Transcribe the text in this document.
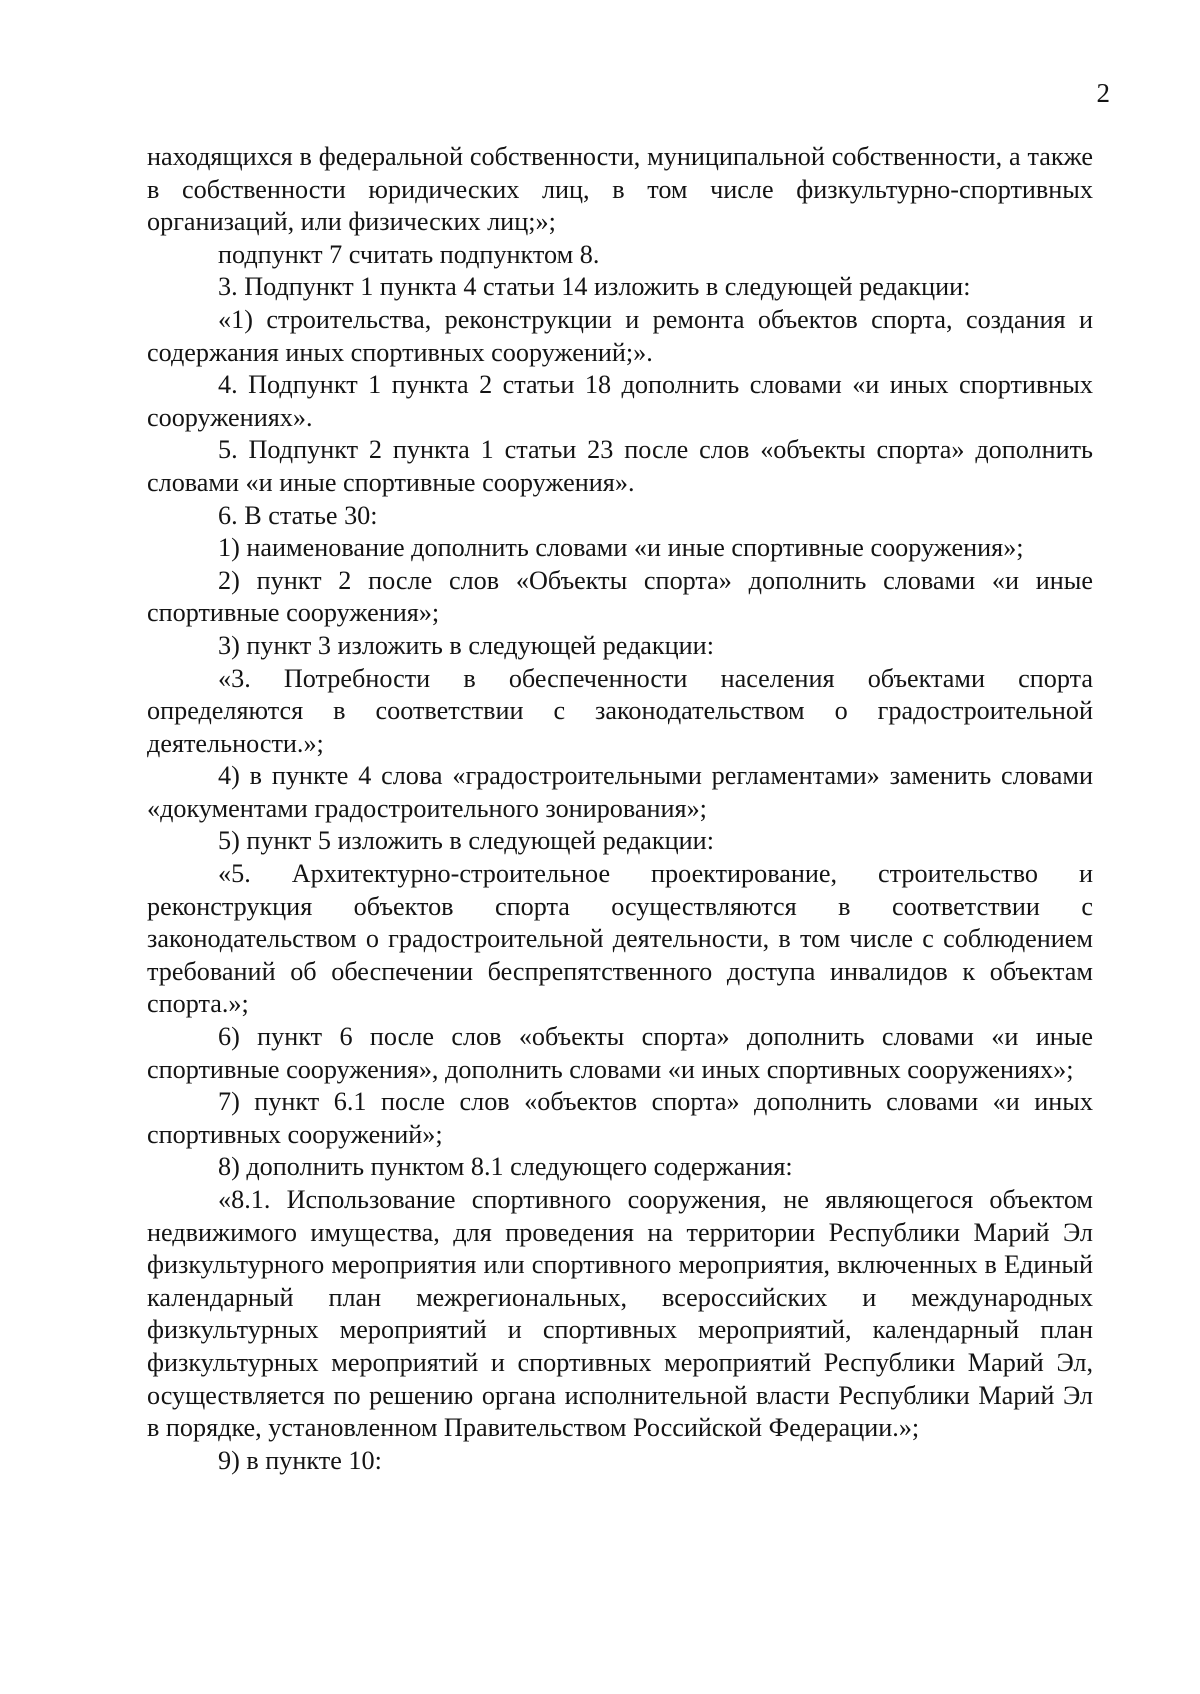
2

находящихся в федеральной собственности, муниципальной собственности, а также в собственности юридических лиц, в том числе физкультурно-спортивных организаций, или физических лиц;»;

подпункт 7 считать подпунктом 8.

3. Подпункт 1 пункта 4 статьи 14 изложить в следующей редакции:

«1) строительства, реконструкции и ремонта объектов спорта, создания и содержания иных спортивных сооружений;».

4. Подпункт 1 пункта 2 статьи 18 дополнить словами «и иных спортивных сооружениях».

5. Подпункт 2 пункта 1 статьи 23 после слов «объекты спорта» дополнить словами «и иные спортивные сооружения».

6. В статье 30:

1) наименование дополнить словами «и иные спортивные сооружения»;

2) пункт 2 после слов «Объекты спорта» дополнить словами «и иные спортивные сооружения»;

3) пункт 3 изложить в следующей редакции:

«3. Потребности в обеспеченности населения объектами спорта определяются в соответствии с законодательством о градостроительной деятельности.»;

4) в пункте 4 слова «градостроительными регламентами» заменить словами «документами градостроительного зонирования»;

5) пункт 5 изложить в следующей редакции:

«5. Архитектурно-строительное проектирование, строительство и реконструкция объектов спорта осуществляются в соответствии с законодательством о градостроительной деятельности, в том числе с соблюдением требований об обеспечении беспрепятственного доступа инвалидов к объектам спорта.»;

6) пункт 6 после слов «объекты спорта» дополнить словами «и иные спортивные сооружения», дополнить словами «и иных спортивных сооружениях»;

7) пункт 6.1 после слов «объектов спорта» дополнить словами «и иных спортивных сооружений»;

8) дополнить пунктом 8.1 следующего содержания:

«8.1. Использование спортивного сооружения, не являющегося объектом недвижимого имущества, для проведения на территории Республики Марий Эл физкультурного мероприятия или спортивного мероприятия, включенных в Единый календарный план межрегиональных, всероссийских и международных физкультурных мероприятий и спортивных мероприятий, календарный план физкультурных мероприятий и спортивных мероприятий Республики Марий Эл, осуществляется по решению органа исполнительной власти Республики Марий Эл в порядке, установленном Правительством Российской Федерации.»;

9) в пункте 10:
